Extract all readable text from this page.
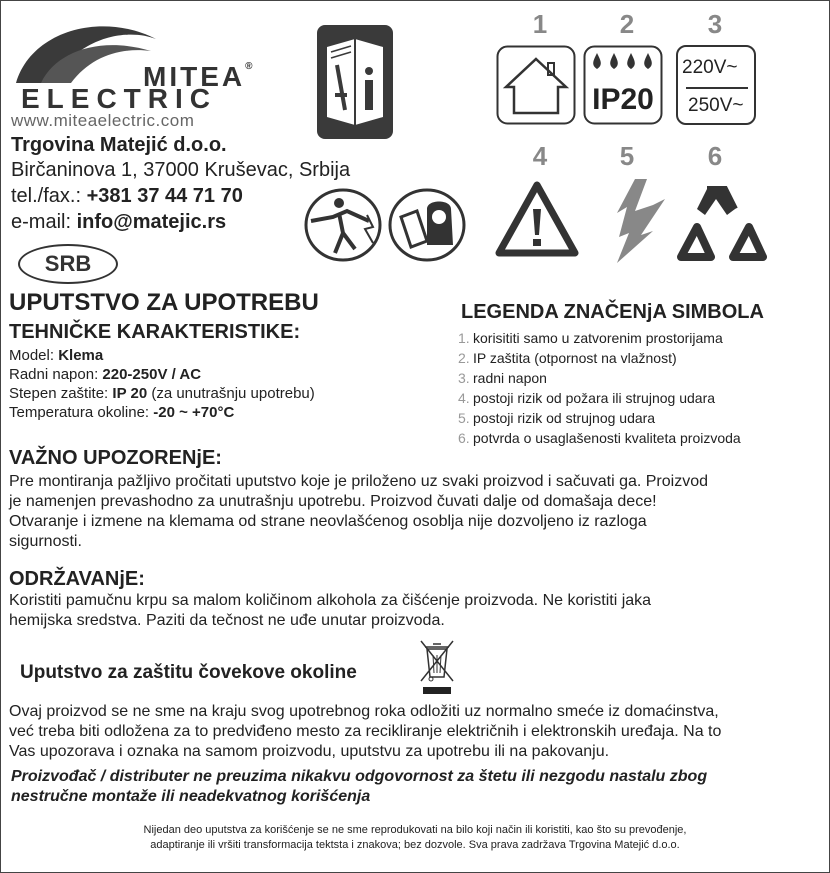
MITEA®
ELECTRIC
www.miteaelectric.com
Trgovina Matejić d.o.o.
Birčaninova 1, 37000 Kruševac, Srbija
tel./fax.: +381 37 44 71 70
e-mail: info@matejic.rs
SRB
1	2	3
4	5	6
IP20
220V~
250V~
UPUTSTVO ZA UPOTREBU
TEHNIČKE KARAKTERISTIKE:
Model: Klema
Radni napon: 220-250V / AC
Stepen zaštite: IP 20 (za unutrašnju upotrebu)
Temperatura okoline: -20 ~ +70°C
LEGENDA ZNAČENjA SIMBOLA
1. korisititi samo u zatvorenim prostorijama
2. IP zaštita (otpornost na vlažnost)
3. radni napon
4. postoji rizik od požara ili strujnog udara
5. postoji rizik od strujnog udara
6. potvrda o usaglašenosti kvaliteta proizvoda
VAŽNO UPOZORENjE:
Pre montiranja pažljivo pročitati uputstvo koje je priloženo uz svaki proizvod i sačuvati ga. Proizvod
je namenjen prevashodno za unutrašnju upotrebu. Proizvod čuvati dalje od domašaja dece!
Otvaranje i izmene na klemama od strane neovlašćenog osoblja nije dozvoljeno iz razloga
sigurnosti.
ODRŽAVANjE:
Koristiti pamučnu krpu sa malom količinom alkohola za čišćenje proizvoda. Ne koristiti jaka
hemijska sredstva. Paziti da tečnost ne uđe unutar proizvoda.
Uputstvo za zaštitu čovekove okoline
Ovaj proizvod se ne sme na kraju svog upotrebnog roka odložiti uz normalno smeće iz domaćinstva,
već treba biti odložena za to predviđeno mesto za recikliranje električnih i elektronskih uređaja. Na to
Vas upozorava i oznaka na samom proizvodu, uputstvu za upotrebu ili na pakovanju.
Proizvođač / distributer ne preuzima nikakvu odgovornost za štetu ili nezgodu nastalu zbog
nestručne montaže ili neadekvatnog korišćenja
Nijedan deo uputstva za korišćenje se ne sme reprodukovati na bilo koji način ili koristiti, kao što su prevođenje,
adaptiranje ili vršiti transformacija tektsta i znakova; bez dozvole. Sva prava zadržava Trgovina Matejić d.o.o.
